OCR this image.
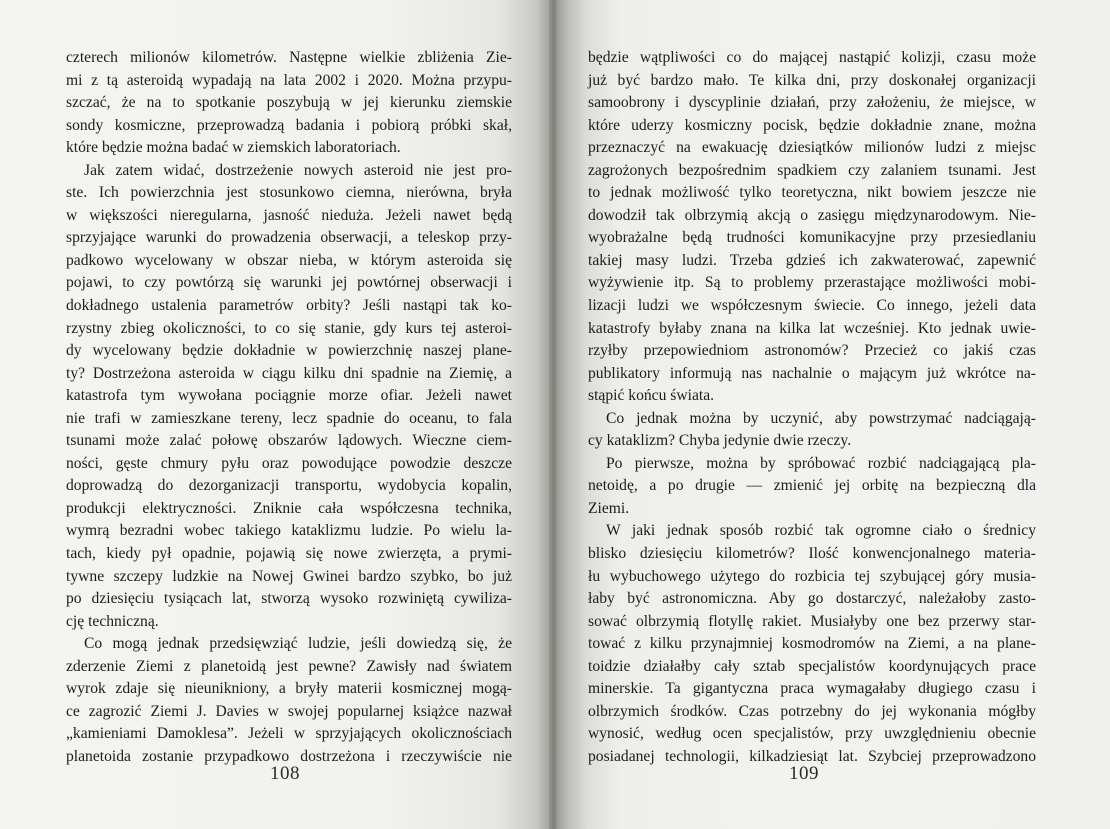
czterech milionów kilometrów. Następne wielkie zbliżenia Zie-
mi z tą asteroidą wypadają na lata 2002 i 2020. Można przypu-
szczać, że na to spotkanie poszybują w jej kierunku ziemskie
sondy kosmiczne, przeprowadzą badania i pobiorą próbki skał,
które będzie można badać w ziemskich laboratoriach.
Jak zatem widać, dostrzeżenie nowych asteroid nie jest pro-
ste. Ich powierzchnia jest stosunkowo ciemna, nierówna, bryła
w większości nieregularna, jasność nieduża. Jeżeli nawet będą
sprzyjające warunki do prowadzenia obserwacji, a teleskop przy-
padkowo wycelowany w obszar nieba, w którym asteroida się
pojawi, to czy powtórzą się warunki jej powtórnej obserwacji i
dokładnego ustalenia parametrów orbity? Jeśli nastąpi tak ko-
rzystny zbieg okoliczności, to co się stanie, gdy kurs tej asteroi-
dy wycelowany będzie dokładnie w powierzchnię naszej plane-
ty? Dostrzeżona asteroida w ciągu kilku dni spadnie na Ziemię, a
katastrofa tym wywołana pociągnie morze ofiar. Jeżeli nawet
nie trafi w zamieszkane tereny, lecz spadnie do oceanu, to fala
tsunami może zalać połowę obszarów lądowych. Wieczne ciem-
ności, gęste chmury pyłu oraz powodujące powodzie deszcze
doprowadzą do dezorganizacji transportu, wydobycia kopalin,
produkcji elektryczności. Zniknie cała współczesna technika,
wymrą bezradni wobec takiego kataklizmu ludzie. Po wielu la-
tach, kiedy pył opadnie, pojawią się nowe zwierzęta, a prymi-
tywne szczepy ludzkie na Nowej Gwinei bardzo szybko, bo już
po dziesięciu tysiącach lat, stworzą wysoko rozwiniętą cywiliza-
cję techniczną.
Co mogą jednak przedsięwziąć ludzie, jeśli dowiedzą się, że
zderzenie Ziemi z planetoidą jest pewne? Zawisły nad światem
wyrok zdaje się nieuniknionу, a bryły materii kosmicznej mogą-
ce zagrozić Ziemi J. Davies w swojej popularnej książce nazwał
„kamieniami Damoklesa”. Jeżeli w sprzyjających okolicznościach
planetoida zostanie przypadkowo dostrzeżona i rzeczywiście nie
108
będzie wątpliwości co do mającej nastąpić kolizji, czasu może
już być bardzo mało. Te kilka dni, przy doskonałej organizacji
samoobrony i dyscyplinie działań, przy założeniu, że miejsce, w
które uderzy kosmiczny pocisk, będzie dokładnie znane, można
przeznaczyć na ewakuację dziesiątków milionów ludzi z miejsc
zagrożonych bezpośrednim spadkiem czy zalaniem tsunami. Jest
to jednak możliwość tylko teoretyczna, nikt bowiem jeszcze nie
dowodził tak olbrzymią akcją o zasięgu międzynarodowym. Nie-
wyobrażalne będą trudności komunikacyjne przy przesiedlaniu
takiej masy ludzi. Trzeba gdzieś ich zakwaterować, zapewnić
wyżywienie itp. Są to problemy przerastające możliwości mobi-
lizacji ludzi we współczesnym świecie. Co innego, jeżeli data
katastrofy byłaby znana na kilka lat wcześniej. Kto jednak uwie-
rzyłby przepowiedniom astronomów? Przecież co jakiś czas
publikatory informują nas nachalnie o mającym już wkrótce na-
stąpić końcu świata.
Co jednak można by uczynić, aby powstrzymać nadciągają-
cy kataklizm? Chyba jedynie dwie rzeczy.
Po pierwsze, można by spróbować rozbić nadciągającą pla-
netoidę, a po drugie — zmienić jej orbitę na bezpieczną dla
Ziemi.
W jaki jednak sposób rozbić tak ogromne ciało o średnicy
blisko dziesięciu kilometrów? Ilość konwencjonalnego materia-
łu wybuchowego użytego do rozbicia tej szybującej góry musia-
łaby być astronomiczna. Aby go dostarczyć, należałoby zasto-
sować olbrzymią flotyllę rakiet. Musiałyby one bez przerwy star-
tować z kilku przynajmniej kosmodromów na Ziemi, a na plane-
toidzie działałby cały sztab specjalistów koordynujących prace
minerskie. Ta gigantyczna praca wymagałaby długiego czasu i
olbrzymich środków. Czas potrzebny do jej wykonania mógłby
wynosić, według ocen specjalistów, przy uwzględnieniu obecnie
posiadanej technologii, kilkadziesiąt lat. Szybciej przeprowadzono
109
